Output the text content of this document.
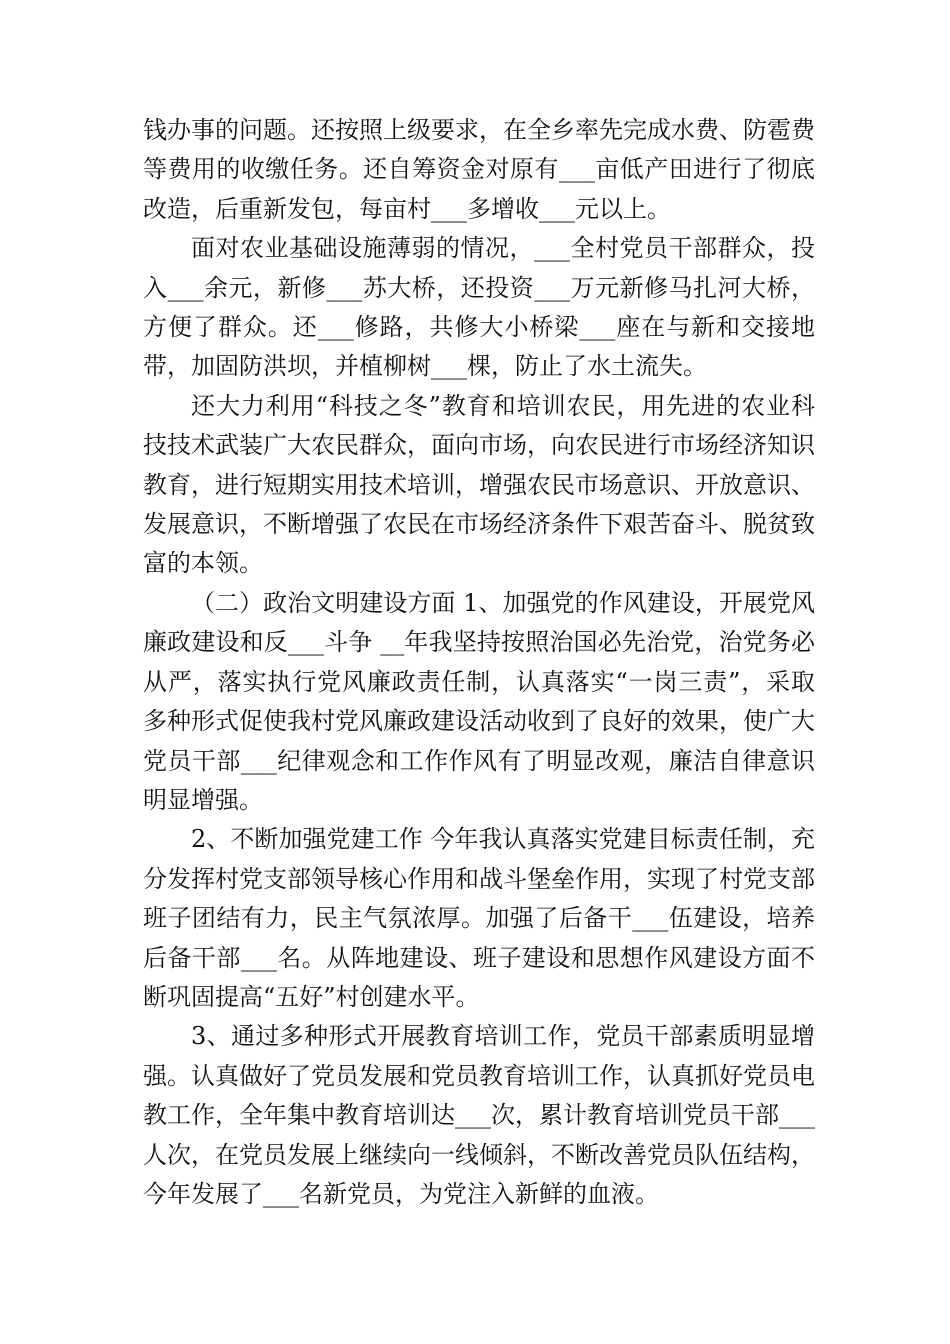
钱办事的问题。还按照上级要求，在全乡率先完成水费、防雹费等费用的收缴任务。还自筹资金对原有___亩低产田进行了彻底改造，后重新发包，每亩村___多增收___元以上。

面对农业基础设施薄弱的情况，___全村党员干部群众，投入___余元，新修___苏大桥，还投资___万元新修马扎河大桥，方便了群众。还___修路，共修大小桥梁___座在与新和交接地带，加固防洪坝，并植柳树___棵，防止了水土流失。

还大力利用“科技之冬”教育和培训农民，用先进的农业科技技术武装广大农民群众，面向市场，向农民进行市场经济知识教育，进行短期实用技术培训，增强农民市场意识、开放意识、发展意识，不断增强了农民在市场经济条件下艰苦奋斗、脱贫致富的本领。

（二）政治文明建设方面 1、加强党的作风建设，开展党风廉政建设和反___斗争 __年我坚持按照治国必先治党，治党务必从严，落实执行党风廉政责任制，认真落实“一岗三责”，采取多种形式促使我村党风廉政建设活动收到了良好的效果，使广大党员干部___纪律观念和工作作风有了明显改观，廉洁自律意识明显增强。

2、不断加强党建工作 今年我认真落实党建目标责任制，充分发挥村党支部领导核心作用和战斗堡垒作用，实现了村党支部班子团结有力，民主气氛浓厚。加强了后备干___伍建设，培养后备干部___名。从阵地建设、班子建设和思想作风建设方面不断巩固提高“五好”村创建水平。

3、通过多种形式开展教育培训工作，党员干部素质明显增强。认真做好了党员发展和党员教育培训工作，认真抓好党员电教工作，全年集中教育培训达___次，累计教育培训党员干部___人次，在党员发展上继续向一线倾斜，不断改善党员队伍结构，今年发展了___名新党员，为党注入新鲜的血液。
